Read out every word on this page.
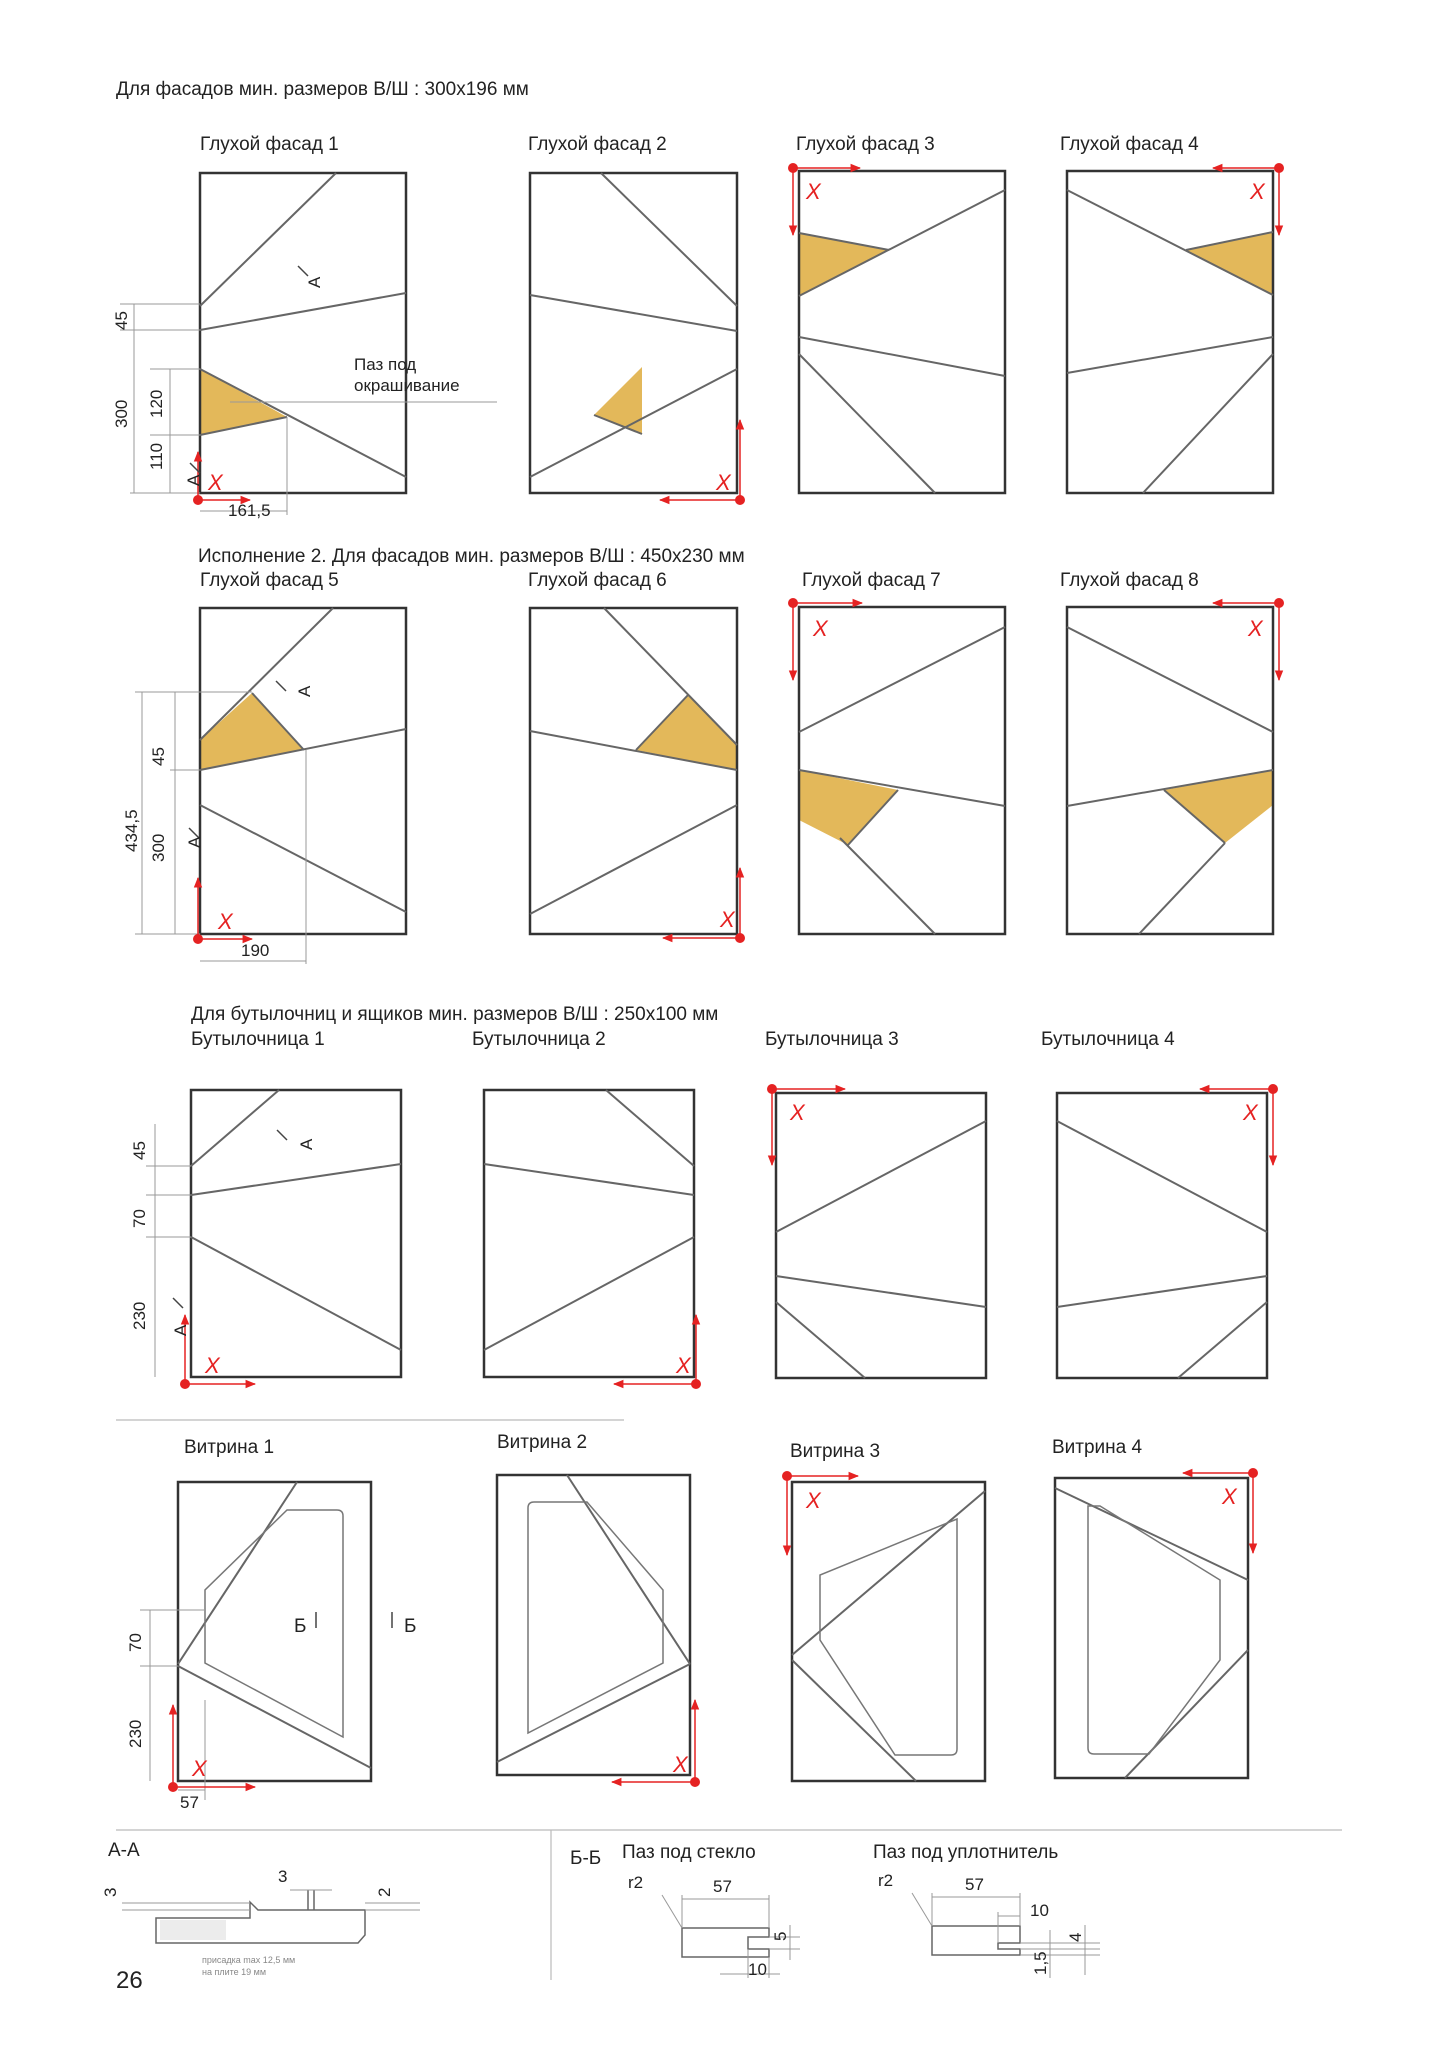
Для фасадов мин. размеров В/Ш : 300х196 мм
Исполнение 2. Для фасадов мин. размеров В/Ш : 450х230 мм
Для бутылочниц и ящиков мин. размеров В/Ш : 250х100 мм
Глухой фасад 1	Глухой фасад 2	Глухой фасад 3	Глухой фасад 4
Глухой фасад 5	Глухой фасад 6	Глухой фасад 7	Глухой фасад 8
Бутылочница 1	Бутылочница 2	Бутылочница 3	Бутылочница 4
Витрина 1	Витрина 2	Витрина 3	Витрина 4
A
Паз под
окрашивание
45
300 120
110
161,5
X
A	X
X	X
A
45
434,5 300
190
X
A
X
X	X
A
45
70
230
X
A
X
X	X
70
230
57
Б	Б
X	X
X	X
А-А
3
3
2
присадка max 12,5 мм
на плите 19 мм
Б-Б Паз под стекло	Паз под уплотнитель
57
r2
5
10
57
r2
10
4
1,5
26
